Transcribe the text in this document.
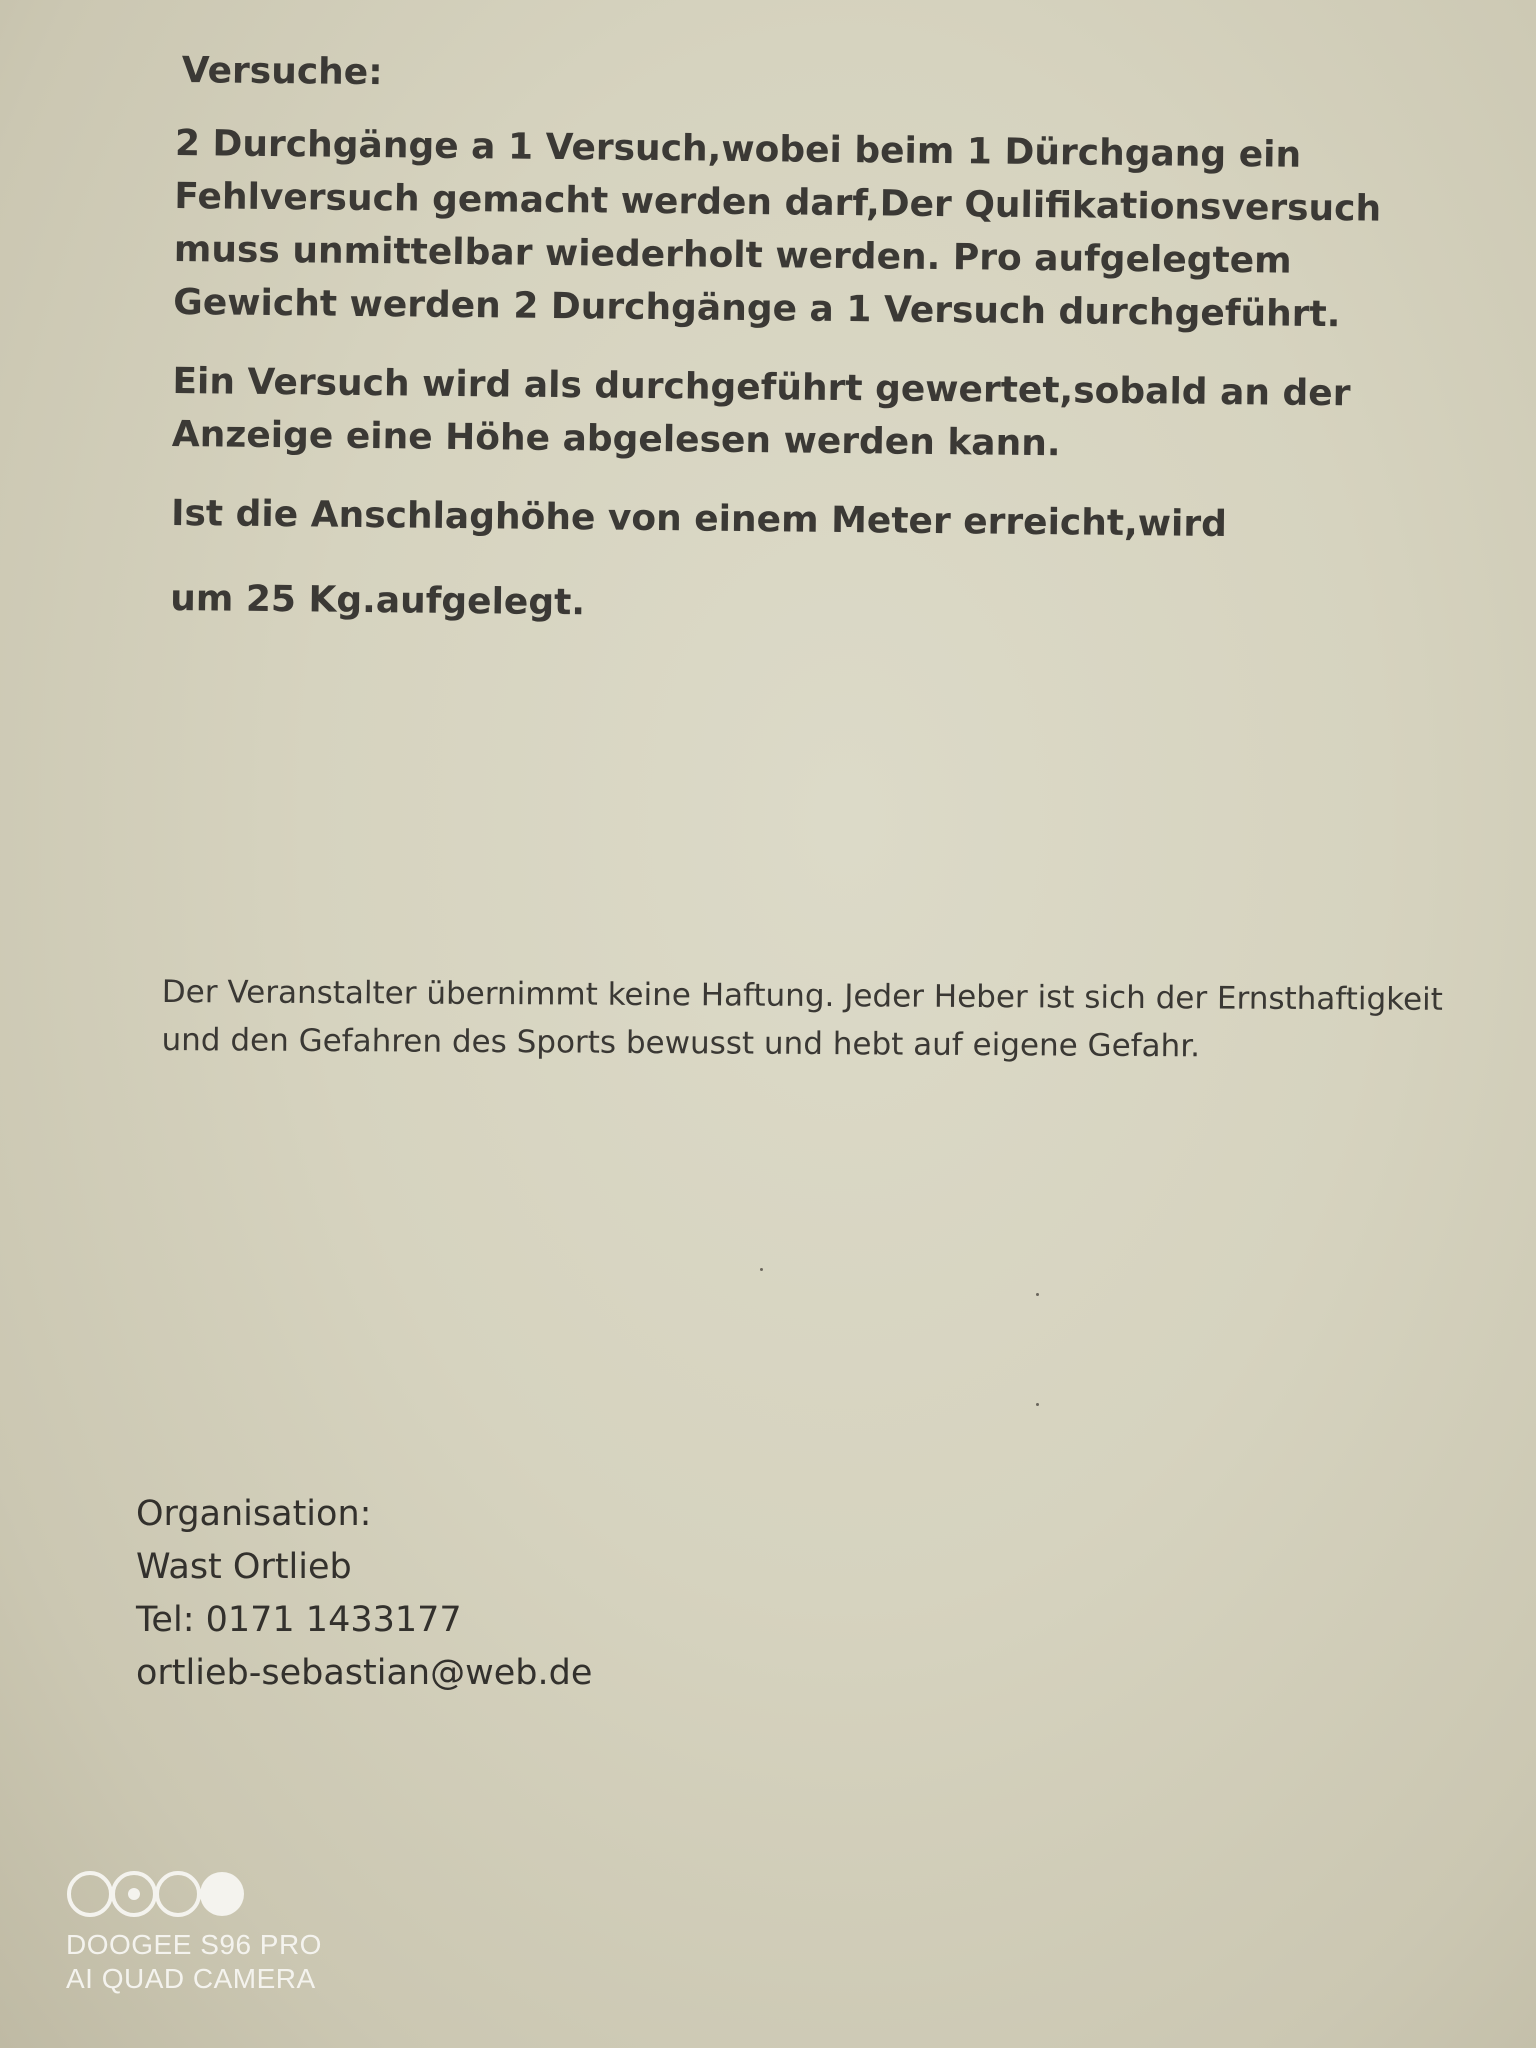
Versuche:

2 Durchgänge a 1 Versuch,wobei beim 1 Dürchgang ein Fehlversuch gemacht werden darf,Der Qulifikationsversuch muss unmittelbar wiederholt werden. Pro aufgelegtem Gewicht werden 2 Durchgänge a 1 Versuch durchgeführt.

Ein Versuch wird als durchgeführt gewertet,sobald an der Anzeige eine Höhe abgelesen werden kann.

Ist die Anschlaghöhe von einem Meter erreicht,wird

um 25 Kg.aufgelegt.

Der Veranstalter übernimmt keine Haftung. Jeder Heber ist sich der Ernsthaftigkeit und den Gefahren des Sports bewusst und hebt auf eigene Gefahr.

Organisation:
Wast Ortlieb
Tel: 0171 1433177
ortlieb-sebastian@web.de
DOOGEE S96 PRO
AI QUAD CAMERA
